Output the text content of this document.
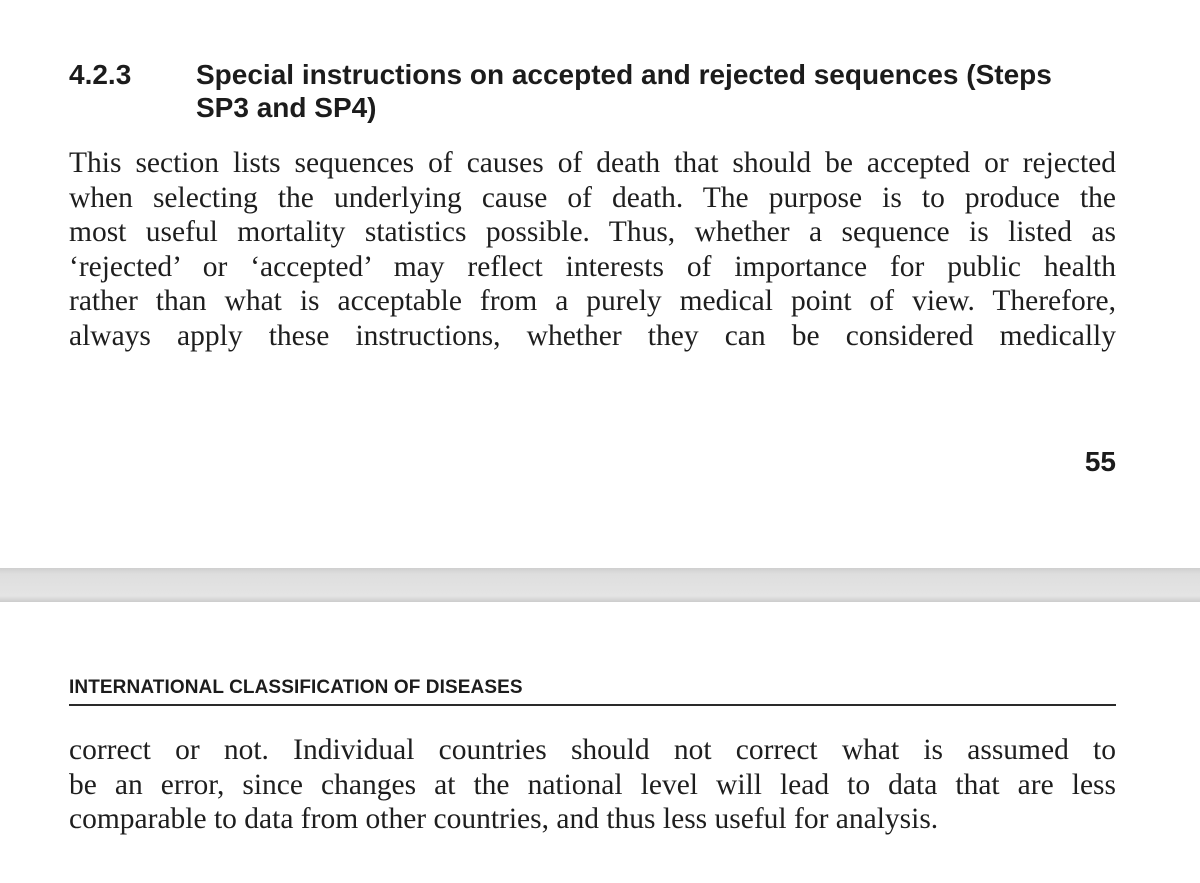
4.2.3	Special instructions on accepted and rejected sequences (Steps
SP3 and SP4)
This section lists sequences of causes of death that should be accepted or rejected
when selecting the underlying cause of death. The purpose is to produce the
most useful mortality statistics possible. Thus, whether a sequence is listed as
‘rejected’ or ‘accepted’ may reflect interests of importance for public health
rather than what is acceptable from a purely medical point of view. Therefore,
always apply these instructions, whether they can be considered medically
55
INTERNATIONAL CLASSIFICATION OF DISEASES
correct or not. Individual countries should not correct what is assumed to
be an error, since changes at the national level will lead to data that are less
comparable to data from other countries, and thus less useful for analysis.
